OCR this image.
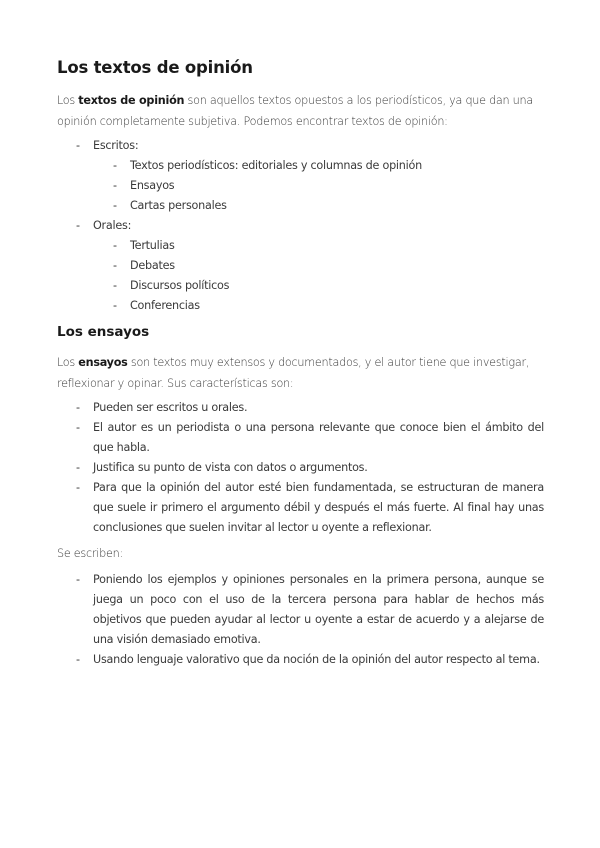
Los textos de opinión

Los textos de opinión son aquellos textos opuestos a los periodísticos, ya que dan una opinión completamente subjetiva. Podemos encontrar textos de opinión:

- Escritos:
- Textos periodísticos: editoriales y columnas de opinión
- Ensayos
- Cartas personales
- Orales:
- Tertulias
- Debates
- Discursos políticos
- Conferencias
Los ensayos

Los ensayos son textos muy extensos y documentados, y el autor tiene que investigar, reflexionar y opinar. Sus características son:

- Pueden ser escritos u orales.
- El autor es un periodista o una persona relevante que conoce bien el ámbito del que habla.
- Justifica su punto de vista con datos o argumentos.
- Para que la opinión del autor esté bien fundamentada, se estructuran de manera que suele ir primero el argumento débil y después el más fuerte. Al final hay unas conclusiones que suelen invitar al lector u oyente a reflexionar.

Se escriben:

- Poniendo los ejemplos y opiniones personales en la primera persona, aunque se juega un poco con el uso de la tercera persona para hablar de hechos más objetivos que pueden ayudar al lector u oyente a estar de acuerdo y a alejarse de una visión demasiado emotiva.
- Usando lenguaje valorativo que da noción de la opinión del autor respecto al tema.
